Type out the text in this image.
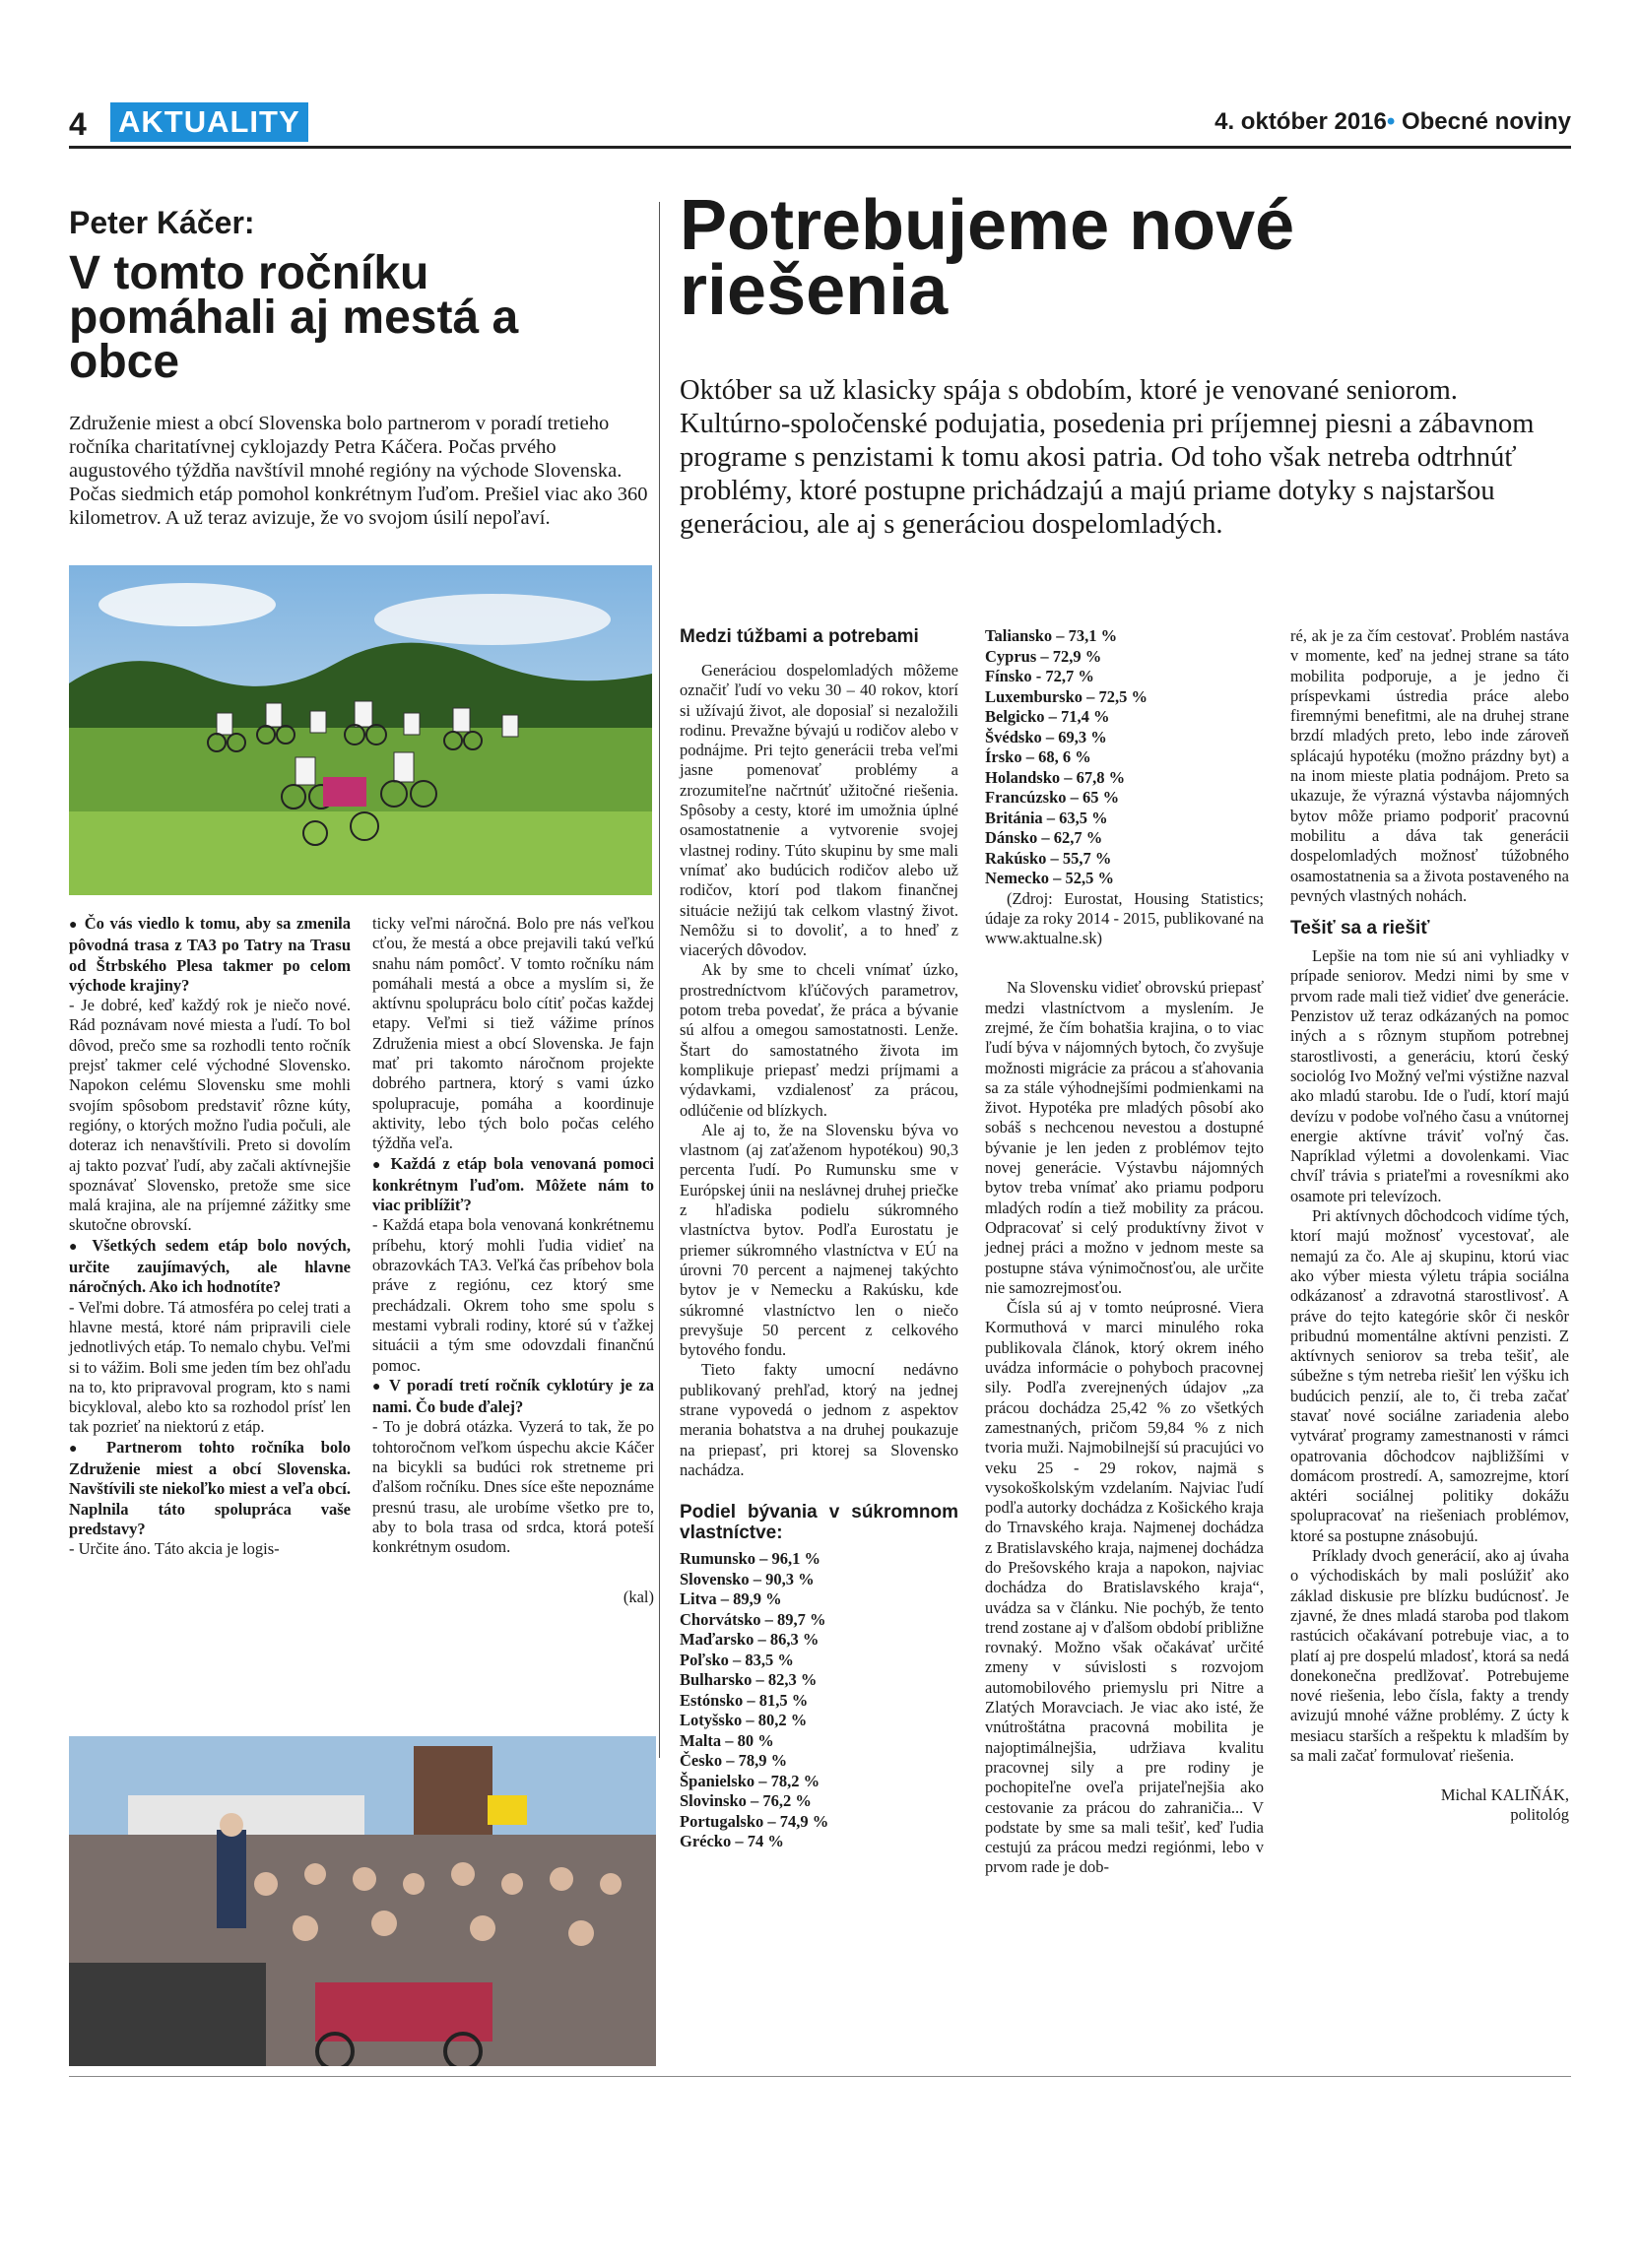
4 AKTUALITY	4. október 2016• Obecné noviny
Peter Káčer:
V tomto ročníku pomáhali aj mestá a obce
Združenie miest a obcí Slovenska bolo partnerom v poradí tretieho ročníka charitatívnej cyklojazdy Petra Káčera. Počas prvého augustového týždňa navštívil mnohé regióny na východe Slovenska. Počas siedmich etáp pomohol konkrétnym ľuďom. Prešiel viac ako 360 kilometrov. A už teraz avizuje, že vo svojom úsilí nepoľaví.

● Čo vás viedlo k tomu, aby sa zmenila pôvodná trasa z TA3 po Tatry na Trasu od Štrbského Plesa takmer po celom východe krajiny?

- Je dobré, keď každý rok je niečo nové. Rád poznávam nové miesta a ľudí. To bol dôvod, prečo sme sa rozhodli tento ročník prejsť takmer celé východné Slovensko. Napokon celému Slovensku sme mohli svojím spôsobom predstaviť rôzne kúty, regióny, o ktorých možno ľudia počuli, ale doteraz ich nenavštívili. Preto si dovolím aj takto pozvať ľudí, aby začali aktívnejšie spoznávať Slovensko, pretože sme sice malá krajina, ale na príjemné zážitky sme skutočne obrovskí.

● Všetkých sedem etáp bolo nových, určite zaujímavých, ale hlavne náročných. Ako ich hodnotíte?

- Veľmi dobre. Tá atmosféra po celej trati a hlavne mestá, ktoré nám pripravili ciele jednotlivých etáp. To nemalo chybu. Veľmi si to vážim. Boli sme jeden tím bez ohľadu na to, kto pripravoval program, kto s nami bicykloval, alebo kto sa rozhodol prísť len tak pozrieť na niektorú z etáp.

● Partnerom tohto ročníka bolo Združenie miest a obcí Slovenska. Navštívili ste niekoľko miest a veľa obcí. Naplnila táto spolupráca vaše predstavy?

- Určite áno. Táto akcia je logis-

ticky veľmi náročná. Bolo pre nás veľkou cťou, že mestá a obce prejavili takú veľkú snahu nám pomôcť. V tomto ročníku nám pomáhali mestá a obce a myslím si, že aktívnu spoluprácu bolo cítiť počas každej etapy. Veľmi si tiež vážime prínos Združenia miest a obcí Slovenska. Je fajn mať pri takomto náročnom projekte dobrého partnera, ktorý s vami úzko spolupracuje, pomáha a koordinuje aktivity, lebo tých bolo počas celého týždňa veľa.

● Každá z etáp bola venovaná pomoci konkrétnym ľuďom. Môžete nám to viac priblížiť?

- Každá etapa bola venovaná konkrétnemu príbehu, ktorý mohli ľudia vidieť na obrazovkách TA3. Veľká čas príbehov bola práve z regiónu, cez ktorý sme prechádzali. Okrem toho sme spolu s mestami vybrali rodiny, ktoré sú v ťažkej situácii a tým sme odovzdali finančnú pomoc.

● V poradí tretí ročník cyklotúry je za nami. Čo bude ďalej?

- To je dobrá otázka. Vyzerá to tak, že po tohtoročnom veľkom úspechu akcie Káčer na bicykli sa budúci rok stretneme pri ďalšom ročníku. Dnes síce ešte nepoznáme presnú trasu, ale urobíme všetko pre to, aby to bola trasa od srdca, ktorá poteší konkrétnym osudom.

(kal)

Potrebujeme nové
riešenia
Október sa už klasicky spája s obdobím, ktoré je venované seniorom. Kultúrno-spoločenské podujatia, posedenia pri príjemnej piesni a zábavnom programe s penzistami k tomu akosi patria. Od toho však netreba odtrhnúť problémy, ktoré postupne prichádzajú a majú priame dotyky s najstaršou generáciou, ale aj s generáciou dospelomladých.
Medzi túžbami a potrebami

Generáciou dospelomladých môžeme označiť ľudí vo veku 30 – 40 rokov, ktorí si užívajú život, ale doposiaľ si nezaložili rodinu. Prevažne bývajú u rodičov alebo v podnájme. Pri tejto generácii treba veľmi jasne pomenovať problémy a zrozumiteľne načrtnúť užitočné riešenia. Spôsoby a cesty, ktoré im umožnia úplné osamostatnenie a vytvorenie svojej vlastnej rodiny. Túto skupinu by sme mali vnímať ako budúcich rodičov alebo už rodičov, ktorí pod tlakom finančnej situácie nežijú tak celkom vlastný život. Nemôžu si to dovoliť, a to hneď z viacerých dôvodov.

Ak by sme to chceli vnímať úzko, prostredníctvom kľúčových parametrov, potom treba povedať, že práca a bývanie sú alfou a omegou samostatnosti. Lenže. Štart do samostatného života im komplikuje priepasť medzi príjmami a výdavkami, vzdialenosť za prácou, odlúčenie od blízkych.

Ale aj to, že na Slovensku býva vo vlastnom (aj zaťaženom hypotékou) 90,3 percenta ľudí. Po Rumunsku sme v Európskej únii na neslávnej druhej priečke z hľadiska podielu súkromného vlastníctva bytov. Podľa Eurostatu je priemer súkromného vlastníctva v EÚ na úrovni 70 percent a najmenej takýchto bytov je v Nemecku a Rakúsku, kde súkromné vlastníctvo len o niečo prevyšuje 50 percent z celkového bytového fondu.

Tieto fakty umocní nedávno publikovaný prehľad, ktorý na jednej strane vypovedá o jednom z aspektov merania bohatstva a na druhej poukazuje na priepasť, pri ktorej sa Slovensko nachádza.

Podiel bývania v súkromnom vlastníctve:
Rumunsko – 96,1 %
Slovensko – 90,3 %
Litva – 89,9 %
Chorvátsko – 89,7 %
Maďarsko – 86,3 %
Poľsko – 83,5 %
Bulharsko – 82,3 %
Estónsko – 81,5 %
Lotyšsko – 80,2 %
Malta – 80 %
Česko – 78,9 %
Španielsko – 78,2 %
Slovinsko – 76,2 %
Portugalsko – 74,9 %
Grécko – 74 %
Taliansko – 73,1 %
Cyprus – 72,9 %
Fínsko - 72,7 %
Luxembursko – 72,5 %
Belgicko – 71,4 %
Švédsko – 69,3 %
Írsko – 68, 6 %
Holandsko – 67,8 %
Francúzsko – 65 %
Británia – 63,5 %
Dánsko – 62,7 %
Rakúsko – 55,7 %
Nemecko – 52,5 %

(Zdroj: Eurostat, Housing Statistics; údaje za roky 2014 - 2015, publikované na www.aktualne.sk)

Na Slovensku vidieť obrovskú priepasť medzi vlastníctvom a myslením. Je zrejmé, že čím bohatšia krajina, o to viac ľudí býva v nájomných bytoch, čo zvyšuje možnosti migrácie za prácou a sťahovania sa za stále výhodnejšími podmienkami na život. Hypotéka pre mladých pôsobí ako sobáš s nechcenou nevestou a dostupné bývanie je len jeden z problémov tejto novej generácie. Výstavbu nájomných bytov treba vnímať ako priamu podporu mladých rodín a tiež mobility za prácou. Odpracovať si celý produktívny život v jednej práci a možno v jednom meste sa postupne stáva výnimočnosťou, ale určite nie samozrejmosťou.

Čísla sú aj v tomto neúprosné. Viera Kormuthová v marci minulého roka publikovala článok, ktorý okrem iného uvádza informácie o pohyboch pracovnej sily. Podľa zverejnených údajov „za prácou dochádza 25,42 % zo všetkých zamestnaných, pričom 59,84 % z nich tvoria muži. Najmobilnejší sú pracujúci vo veku 25 - 29 rokov, najmä s vysokoškolským vzdelaním. Najviac ľudí podľa autorky dochádza z Košického kraja do Trnavského kraja. Najmenej dochádza z Bratislavského kraja, najmenej dochádza do Prešovského kraja a napokon, najviac dochádza do Bratislavského kraja“, uvádza sa v článku. Nie pochýb, že tento trend zostane aj v ďalšom období približne rovnaký. Možno však očakávať určité zmeny v súvislosti s rozvojom automobilového priemyslu pri Nitre a Zlatých Moravciach. Je viac ako isté, že vnútroštátna pracovná mobilita je najoptimálnejšia, udržiava kvalitu pracovnej sily a pre rodiny je pochopiteľne oveľa prijateľnejšia ako cestovanie za prácou do zahraničia... V podstate by sme sa mali tešiť, keď ľudia cestujú za prácou medzi regiónmi, lebo v prvom rade je dob-

ré, ak je za čím cestovať. Problém nastáva v momente, keď na jednej strane sa táto mobilita podporuje, a je jedno či príspevkami ústredia práce alebo firemnými benefitmi, ale na druhej strane brzdí mladých preto, lebo inde zároveň splácajú hypotéku (možno prázdny byt) a na inom mieste platia podnájom. Preto sa ukazuje, že výrazná výstavba nájomných bytov môže priamo podporiť pracovnú mobilitu a dáva tak generácii dospelomladých možnosť túžobného osamostatnenia sa a života postaveného na pevných vlastných nohách.

Tešiť sa a riešiť

Lepšie na tom nie sú ani vyhliadky v prípade seniorov. Medzi nimi by sme v prvom rade mali tiež vidieť dve generácie. Penzistov už teraz odkázaných na pomoc iných a s rôznym stupňom potrebnej starostlivosti, a generáciu, ktorú český sociológ Ivo Možný veľmi výstižne nazval ako mladú starobu. Ide o ľudí, ktorí majú devízu v podobe voľného času a vnútornej energie aktívne tráviť voľný čas. Napríklad výletmi a dovolenkami. Viac chvíľ trávia s priateľmi a rovesníkmi ako osamote pri televízoch.

Pri aktívnych dôchodcoch vidíme tých, ktorí majú možnosť vycestovať, ale nemajú za čo. Ale aj skupinu, ktorú viac ako výber miesta výletu trápia sociálna odkázanosť a zdravotná starostlivosť. A práve do tejto kategórie skôr či neskôr pribudnú momentálne aktívni penzisti. Z aktívnych seniorov sa treba tešiť, ale súbežne s tým netreba riešiť len výšku ich budúcich penzií, ale to, či treba začať stavať nové sociálne zariadenia alebo vytvárať programy zamestnanosti v rámci opatrovania dôchodcov najbližšími v domácom prostredí. A, samozrejme, ktorí aktéri sociálnej politiky dokážu spolupracovať na riešeniach problémov, ktoré sa postupne znásobujú.

Príklady dvoch generácií, ako aj úvaha o východiskách by mali poslúžiť ako základ diskusie pre blízku budúcnosť. Je zjavné, že dnes mladá staroba pod tlakom rastúcich očakávaní potrebuje viac, a to platí aj pre dospelú mladosť, ktorá sa nedá donekonečna predlžovať. Potrebujeme nové riešenia, lebo čísla, fakty a trendy avizujú mnohé vážne problémy. Z úcty k mesiacu starších a rešpektu k mladším by sa mali začať formulovať riešenia.

Michal KALIŇÁK,
politológ
